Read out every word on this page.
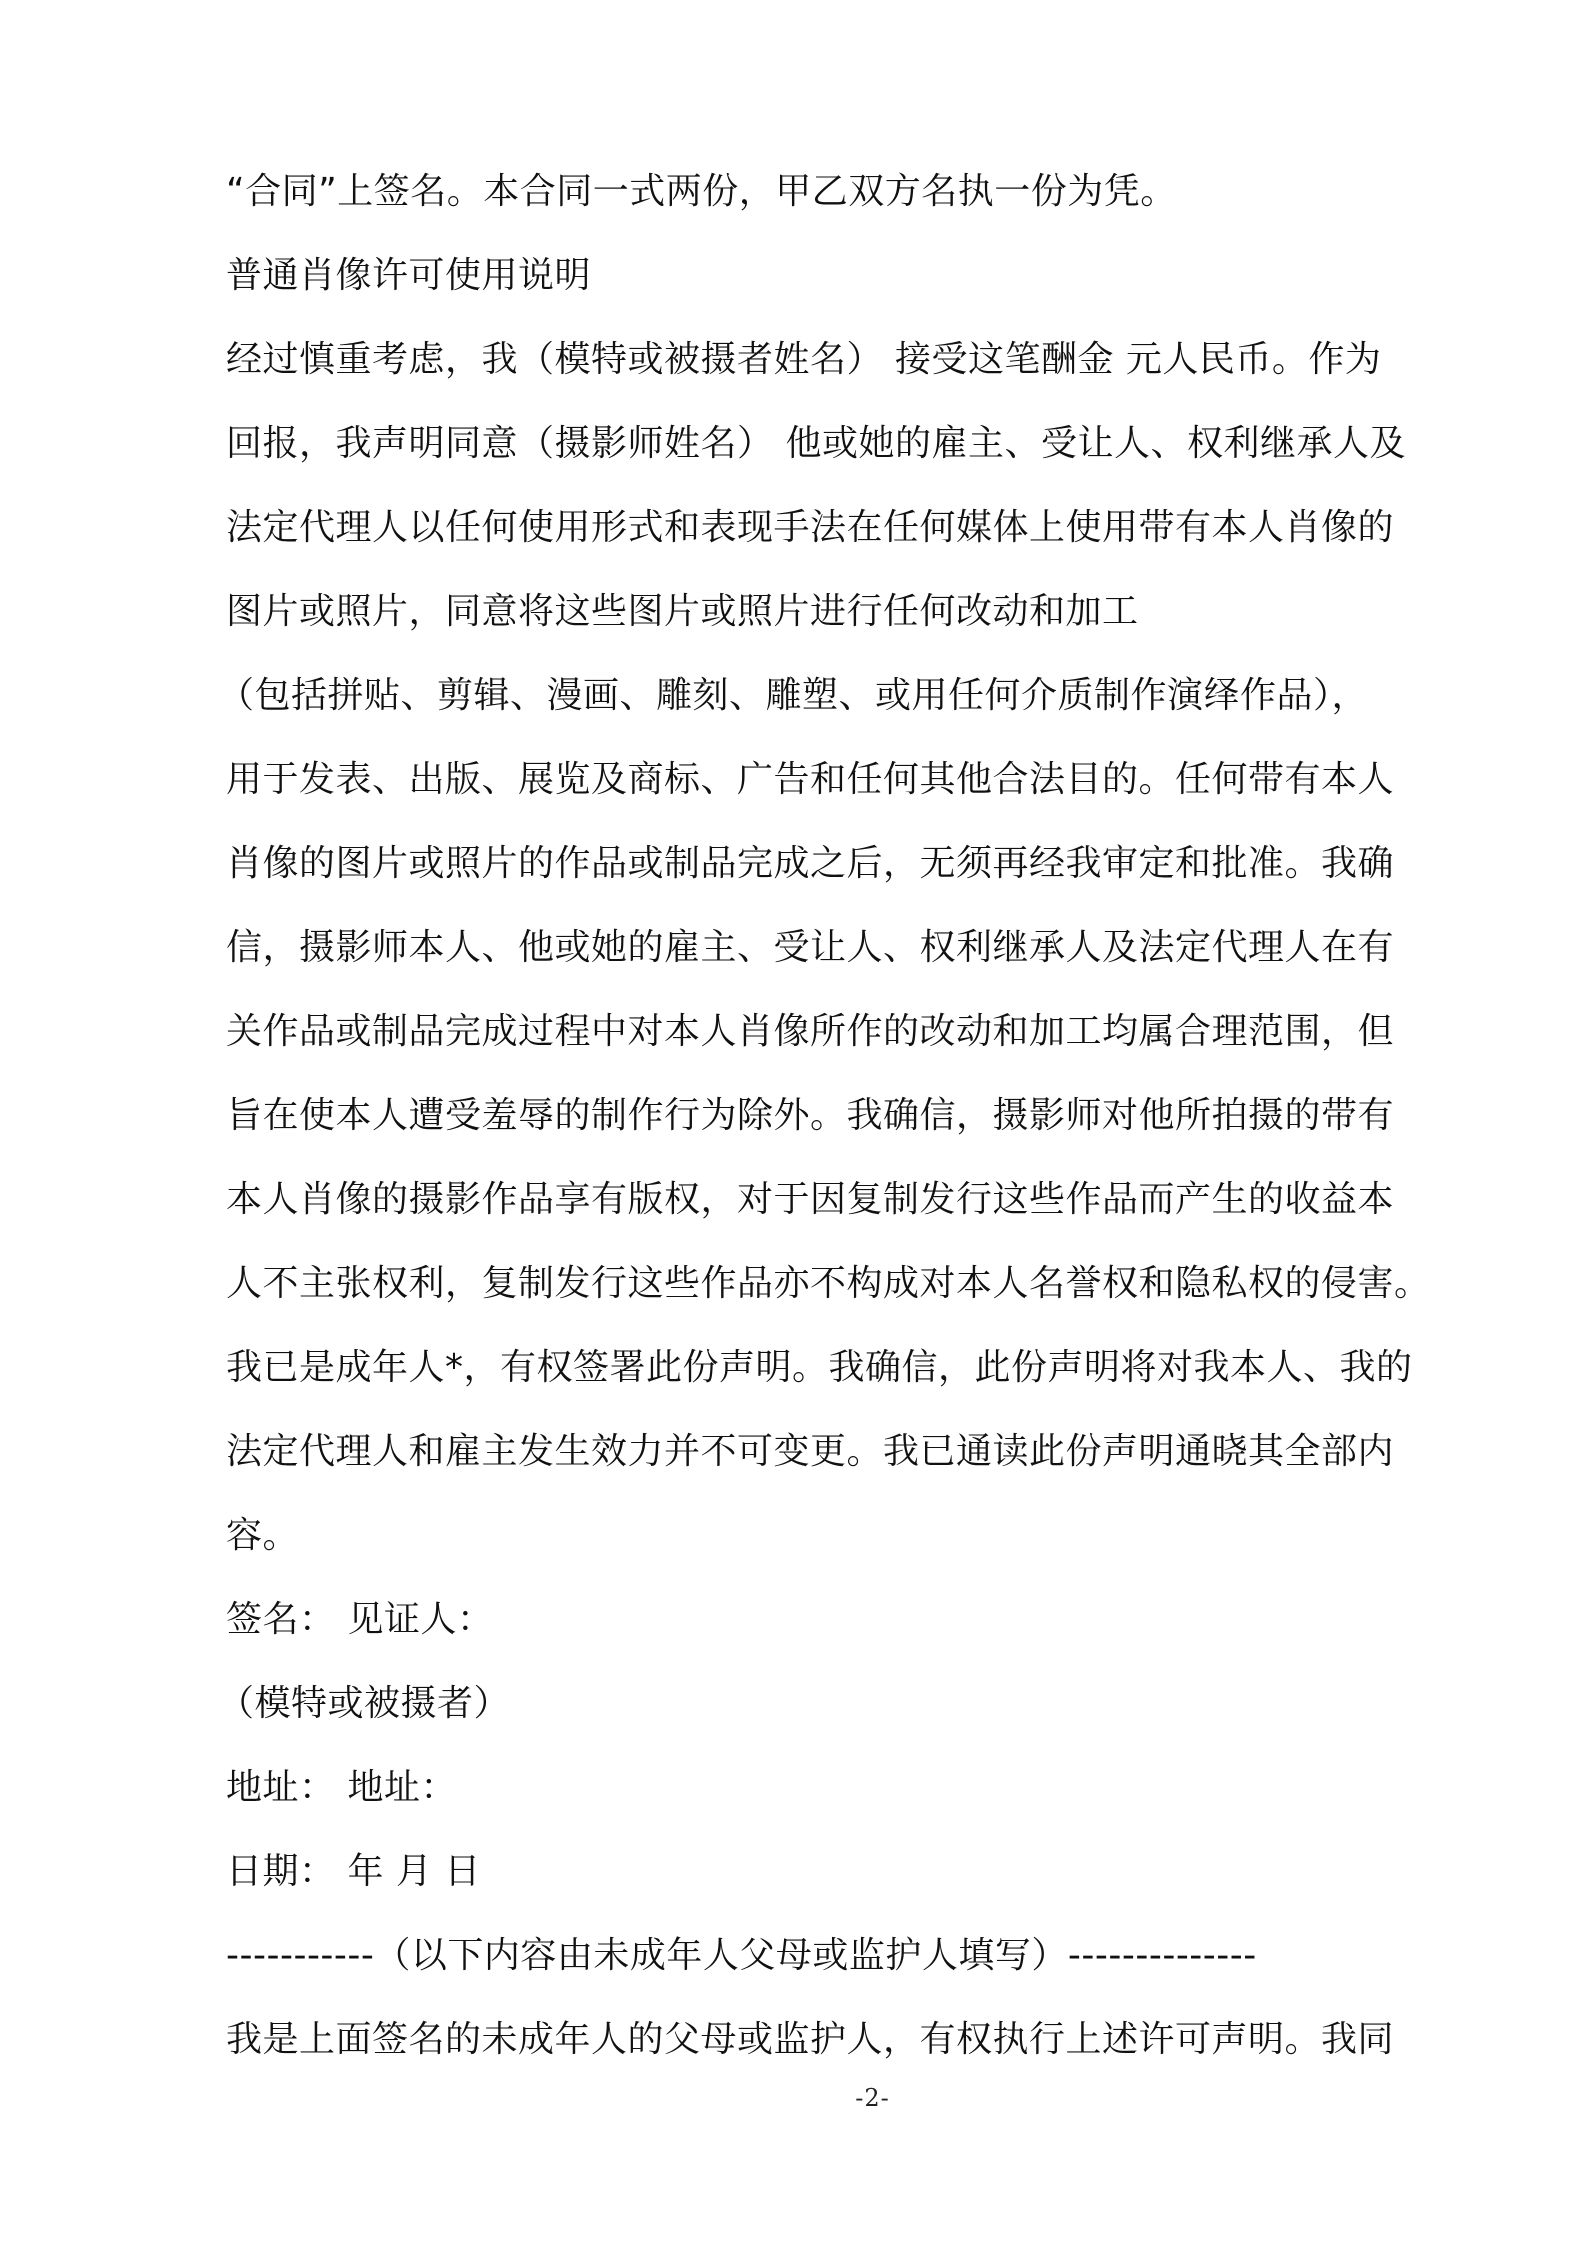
“合同”上签名。本合同一式两份，甲乙双方名执一份为凭。
普通肖像许可使用说明
经过慎重考虑，我（模特或被摄者姓名） 接受这笔酬金 元人民币。作为
回报，我声明同意（摄影师姓名） 他或她的雇主、受让人、权利继承人及
法定代理人以任何使用形式和表现手法在任何媒体上使用带有本人肖像的
图片或照片，同意将这些图片或照片进行任何改动和加工
（包括拼贴、剪辑、漫画、雕刻、雕塑、或用任何介质制作演绎作品），
用于发表、出版、展览及商标、广告和任何其他合法目的。任何带有本人
肖像的图片或照片的作品或制品完成之后，无须再经我审定和批准。我确
信，摄影师本人、他或她的雇主、受让人、权利继承人及法定代理人在有
关作品或制品完成过程中对本人肖像所作的改动和加工均属合理范围，但
旨在使本人遭受羞辱的制作行为除外。我确信，摄影师对他所拍摄的带有
本人肖像的摄影作品享有版权，对于因复制发行这些作品而产生的收益本
人不主张权利，复制发行这些作品亦不构成对本人名誉权和隐私权的侵害。
我已是成年人*，有权签署此份声明。我确信，此份声明将对我本人、我的
法定代理人和雇主发生效力并不可变更。我已通读此份声明通晓其全部内
容。
签名： 见证人：
（模特或被摄者）
地址： 地址：
日期： 年 月 日
-----------（以下内容由未成年人父母或监护人填写）--------------
我是上面签名的未成年人的父母或监护人，有权执行上述许可声明。我同
-2-
